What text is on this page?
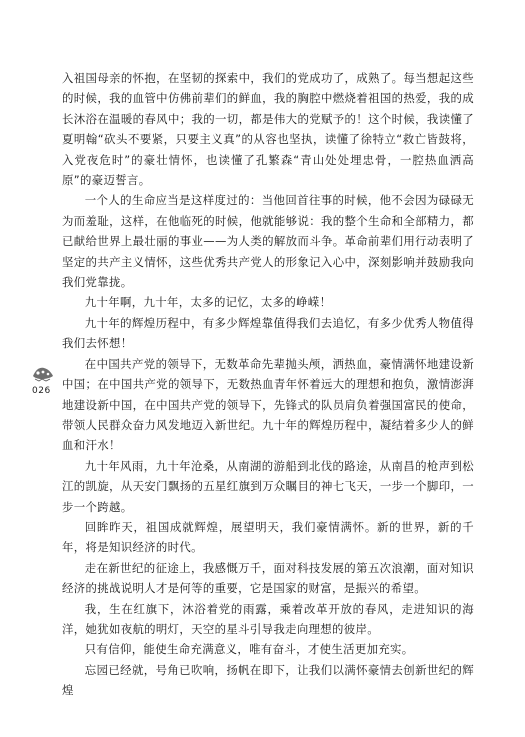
入祖国母亲的怀抱，在坚韧的探索中，我们的党成功了，成熟了。每当想起这些的时候，我的血管中仿佛前辈们的鲜血，我的胸腔中燃烧着祖国的热爱，我的成长沐浴在温暖的春风中；我的一切，都是伟大的党赋予的！这个时候，我读懂了夏明翰“砍头不要紧，只要主义真”的从容也坚执，读懂了徐特立“救亡皆鼓将，入党夜危时”的豪壮情怀，也读懂了孔繁森“青山处处埋忠骨，一腔热血洒高原”的豪迈誓言。

一个人的生命应当是这样度过的：当他回首往事的时候，他不会因为碌碌无为而羞耻，这样，在他临死的时候，他就能够说：我的整个生命和全部精力，都已献给世界上最壮丽的事业——为人类的解放而斗争。革命前辈们用行动表明了坚定的共产主义情怀，这些优秀共产党人的形象记入心中，深刻影响并鼓励我向我们党靠拢。

九十年啊，九十年，太多的记忆，太多的峥嵘！

九十年的辉煌历程中，有多少辉煌靠值得我们去追忆，有多少优秀人物值得我们去怀想！

在中国共产党的领导下，无数革命先辈抛头颅，洒热血，豪情满怀地建设新中国；在中国共产党的领导下，无数热血青年怀着远大的理想和抱负，激情澎湃地建设新中国，在中国共产党的领导下，先锋式的队员肩负着强国富民的使命，带领人民群众奋力风发地迈入新世纪。九十年的辉煌历程中，凝结着多少人的鲜血和汗水！

九十年风雨，九十年沧桑，从南湖的游船到北伐的路途，从南昌的枪声到松江的凯旋，从天安门飘扬的五星红旗到万众瞩目的神七飞天，一步一个脚印，一步一个跨越。

回眸昨天，祖国成就辉煌，展望明天，我们豪情满怀。新的世界，新的千年，将是知识经济的时代。

走在新世纪的征途上，我感慨万千，面对科技发展的第五次浪潮，面对知识经济的挑战说明人才是何等的重要，它是国家的财富，是振兴的希望。

我，生在红旗下，沐浴着党的雨露，乘着改革开放的春风，走进知识的海洋，她犹如夜航的明灯，天空的星斗引导我走向理想的彼岸。

只有信仰，能使生命充满意义，唯有奋斗，才使生活更加充实。

忘园已经就，号角已吹响，扬帆在即下，让我们以满怀豪情去创新世纪的辉煌

026
